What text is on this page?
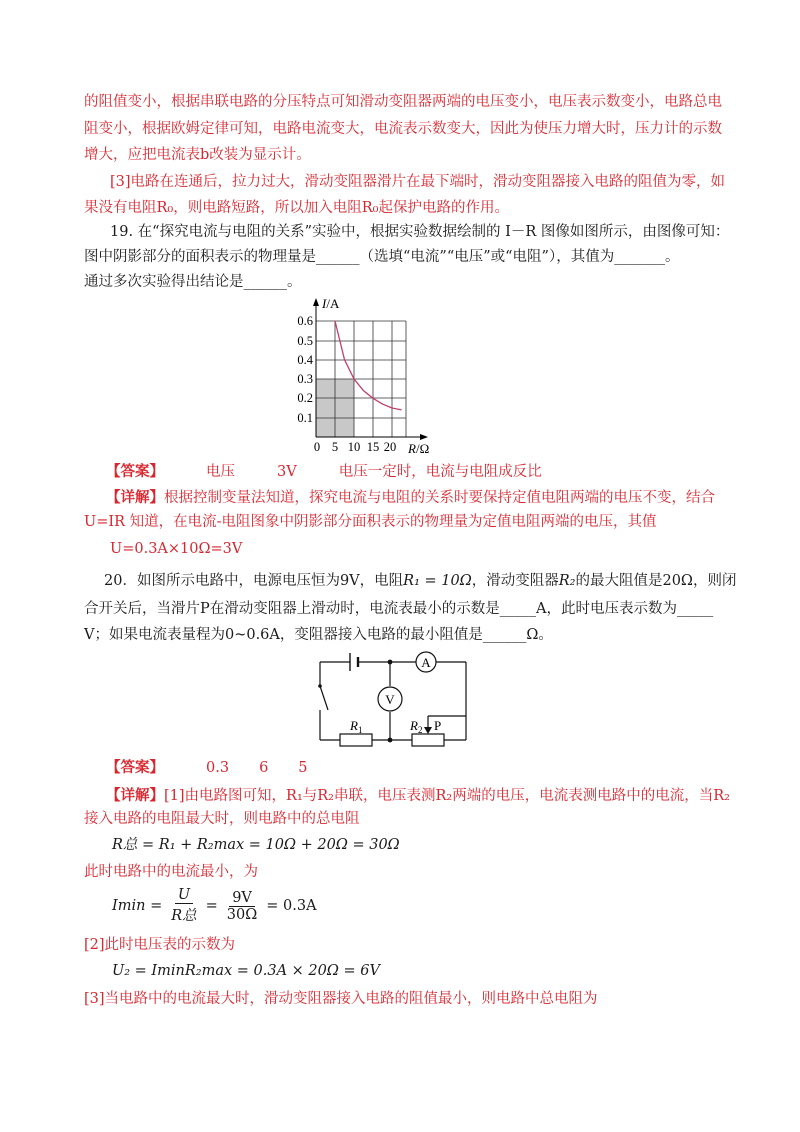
的阻值变小，根据串联电路的分压特点可知滑动变阻器两端的电压变小，电压表示数变小，电路总电
阻变小，根据欧姆定律可知，电路电流变大，电流表示数变大，因此为使压力增大时，压力计的示数
增大，应把电流表b改装为显示计。
[3]电路在连通后，拉力过大，滑动变阻器滑片在最下端时，滑动变阻器接入电路的阻值为零，如
果没有电阻R₀，则电路短路，所以加入电阻R₀起保护电路的作用。
19. 在“探究电流与电阻的关系”实验中，根据实验数据绘制的 I－R 图像如图所示，由图像可知：
图中阴影部分的面积表示的物理量是______（选填“电流”“电压”或“电阻”），其值为_______。
通过多次实验得出结论是______。
I/A
R/Ω
0.6
0.5
0.4
0.3
0.2
0.1
0 5 10 15 20
【答案】	电压	3V	电压一定时，电流与电阻成反比
【详解】根据控制变量法知道，探究电流与电阻的关系时要保持定值电阻两端的电压不变，结合
U=IR 知道，在电流-电阻图象中阴影部分面积表示的物理量为定值电阻两端的电压，其值
U=0.3A×10Ω=3V
20．如图所示电路中，电源电压恒为9V，电阻R₁ = 10Ω，滑动变阻器R₂的最大阻值是20Ω，则闭
合开关后，当滑片P在滑动变阻器上滑动时，电流表最小的示数是_____A，此时电压表示数为_____
V；如果电流表量程为0~0.6A，变阻器接入电路的最小阻值是______Ω。
A
V
$R_1$	$R_2$ P
【答案】	0.3 6 5
【详解】[1]由电路图可知，R₁与R₂串联，电压表测R₂两端的电压，电流表测电路中的电流，当R₂
接入电路的电阻最大时，则电路中的总电阻
R总 = R₁ + R₂max = 10Ω + 20Ω = 30Ω
此时电路中的电流最小，为
Imin =
U
R总
= $\frac{9V}{30\Omega} = 0.3A$
[2]此时电压表的示数为
U₂ = IminR₂max = 0.3A × 20Ω = 6V
[3]当电路中的电流最大时，滑动变阻器接入电路的阻值最小，则电路中总电阻为
